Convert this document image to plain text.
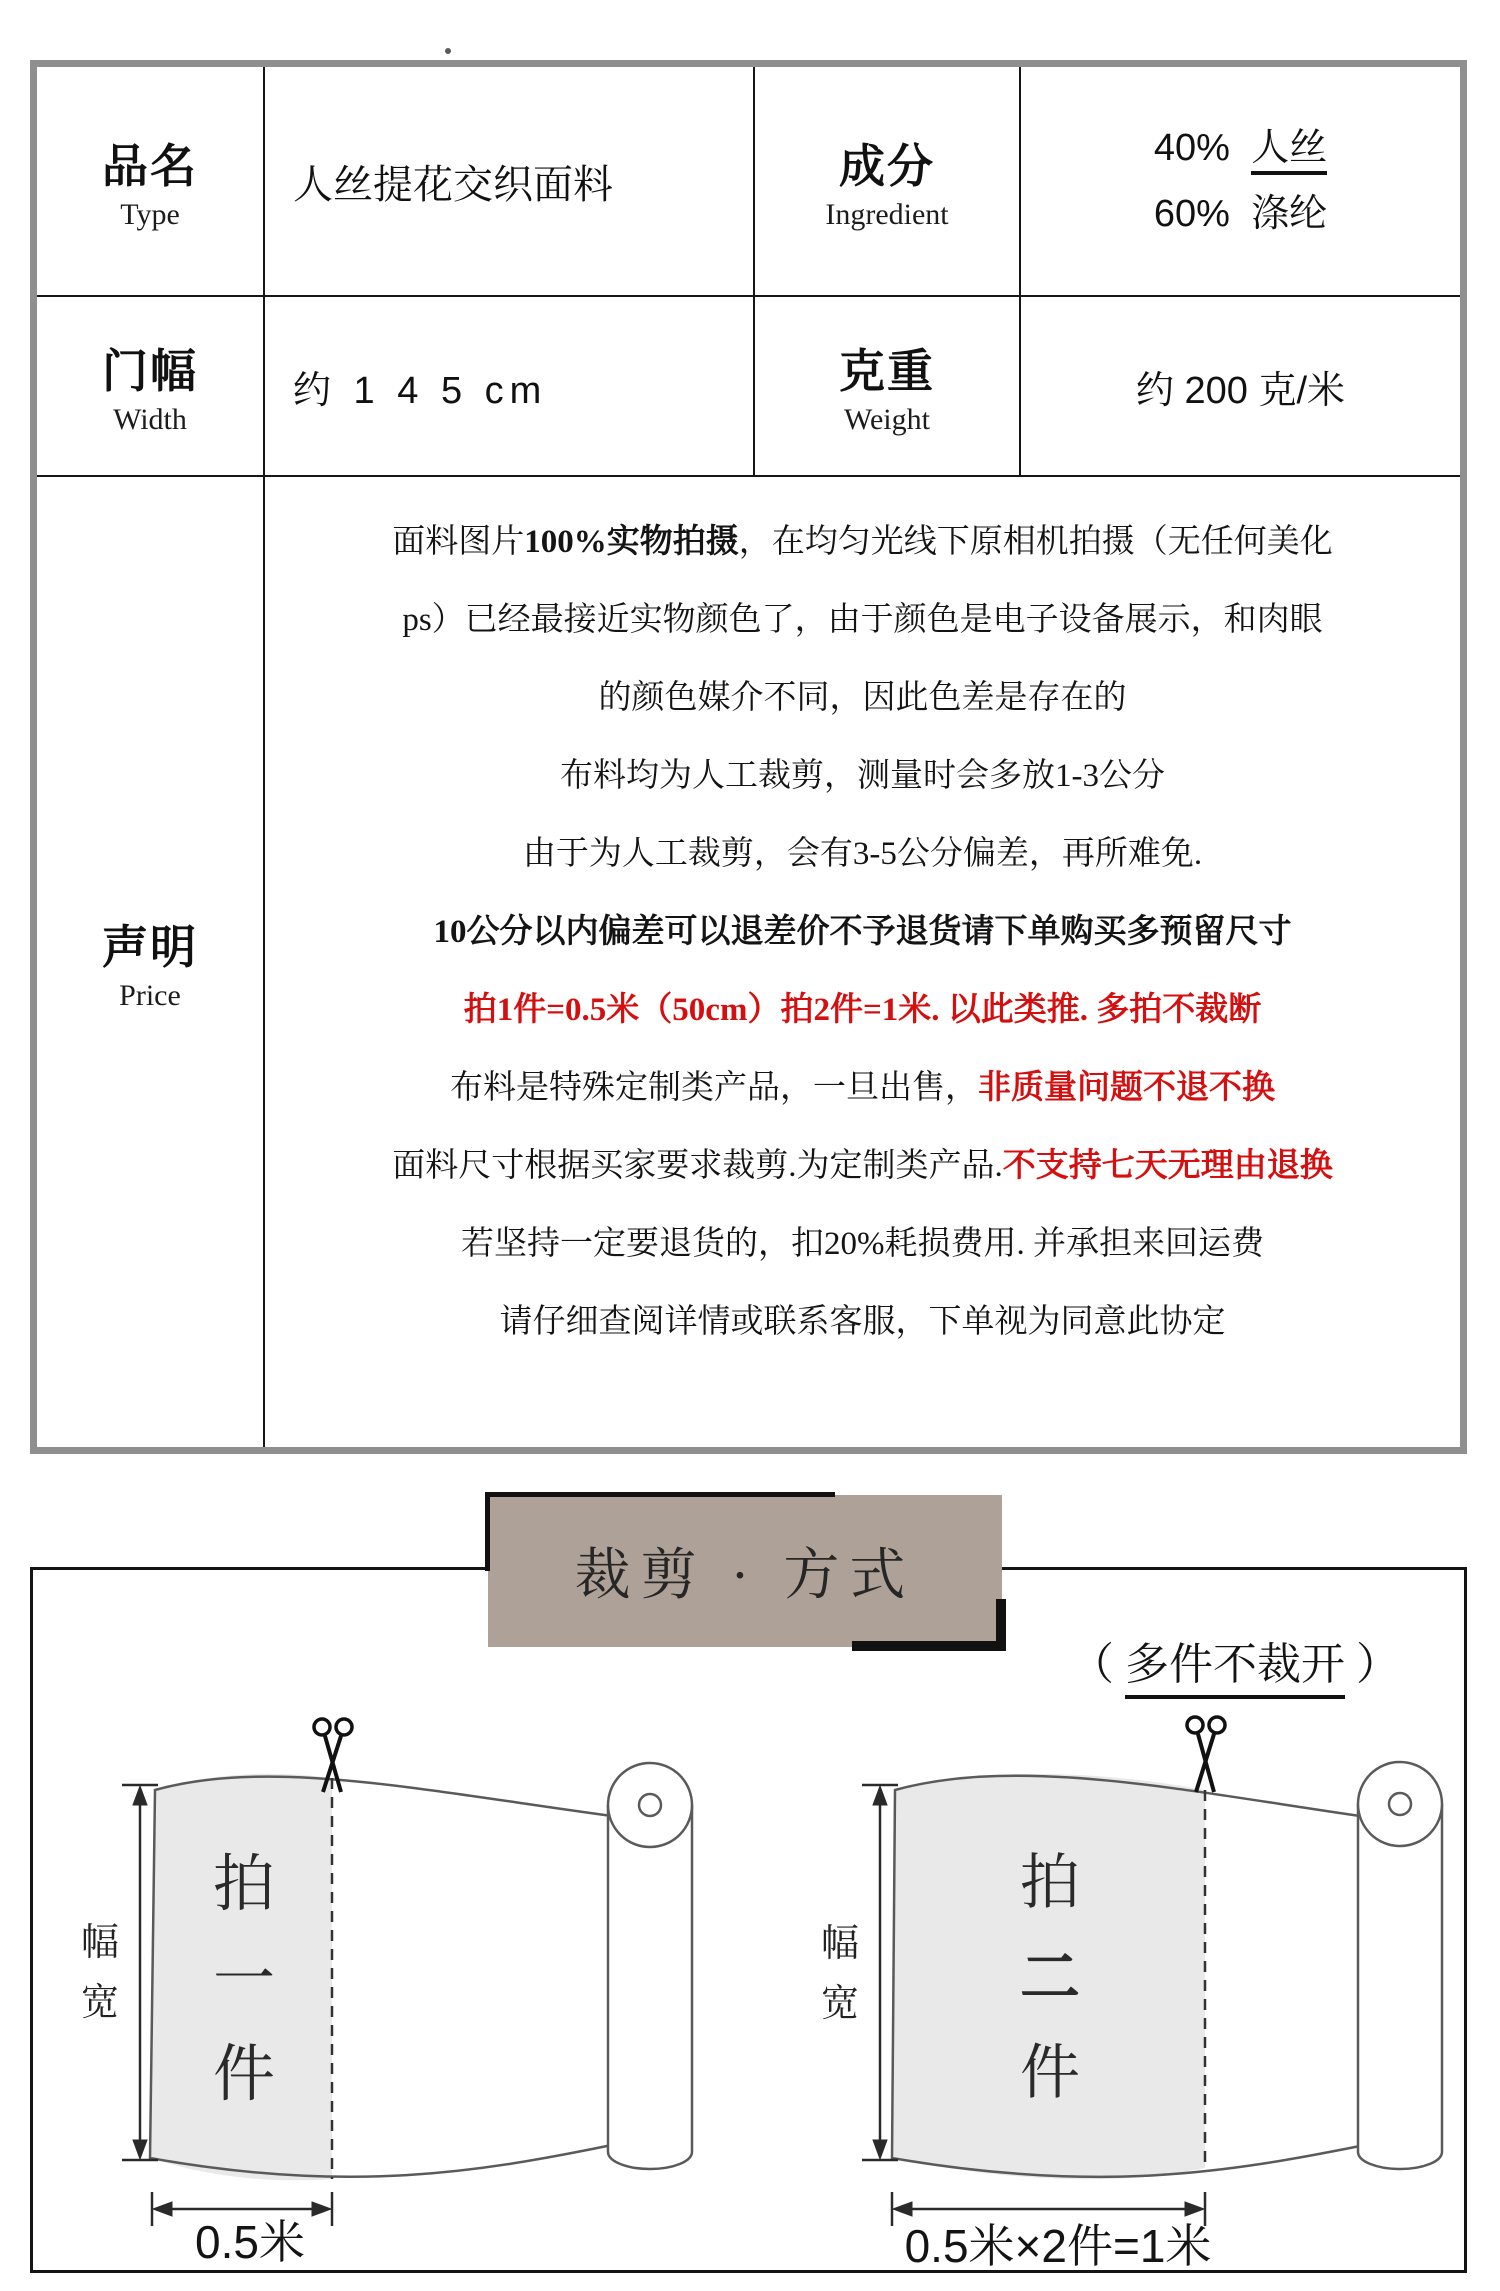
品名
Type
人丝提花交织面料	成分
Ingredient
40% 人丝
60% 涤纶
门幅
Width
约 1 4 5 cm	克重
Weight
约 200 克/米
声明
Price
面料图片100%实物拍摄，在均匀光线下原相机拍摄（无任何美化
ps）已经最接近实物颜色了，由于颜色是电子设备展示，和肉眼
的颜色媒介不同，因此色差是存在的
布料均为人工裁剪，测量时会多放1-3公分
由于为人工裁剪，会有3-5公分偏差，再所难免.
10公分以内偏差可以退差价不予退货请下单购买多预留尺寸
拍1件=0.5米（50cm）拍2件=1米. 以此类推. 多拍不裁断
布料是特殊定制类产品，一旦出售，非质量问题不退不换
面料尺寸根据买家要求裁剪.为定制类产品.不支持七天无理由退换
若坚持一定要退货的，扣20%耗损费用. 并承担来回运费
请仔细查阅详情或联系客服，下单视为同意此协定
裁剪 · 方式
（ 多件不裁开 ）
幅
宽
拍
一
件
0.5米
幅
宽
拍
二
件
0.5米×2件=1米
